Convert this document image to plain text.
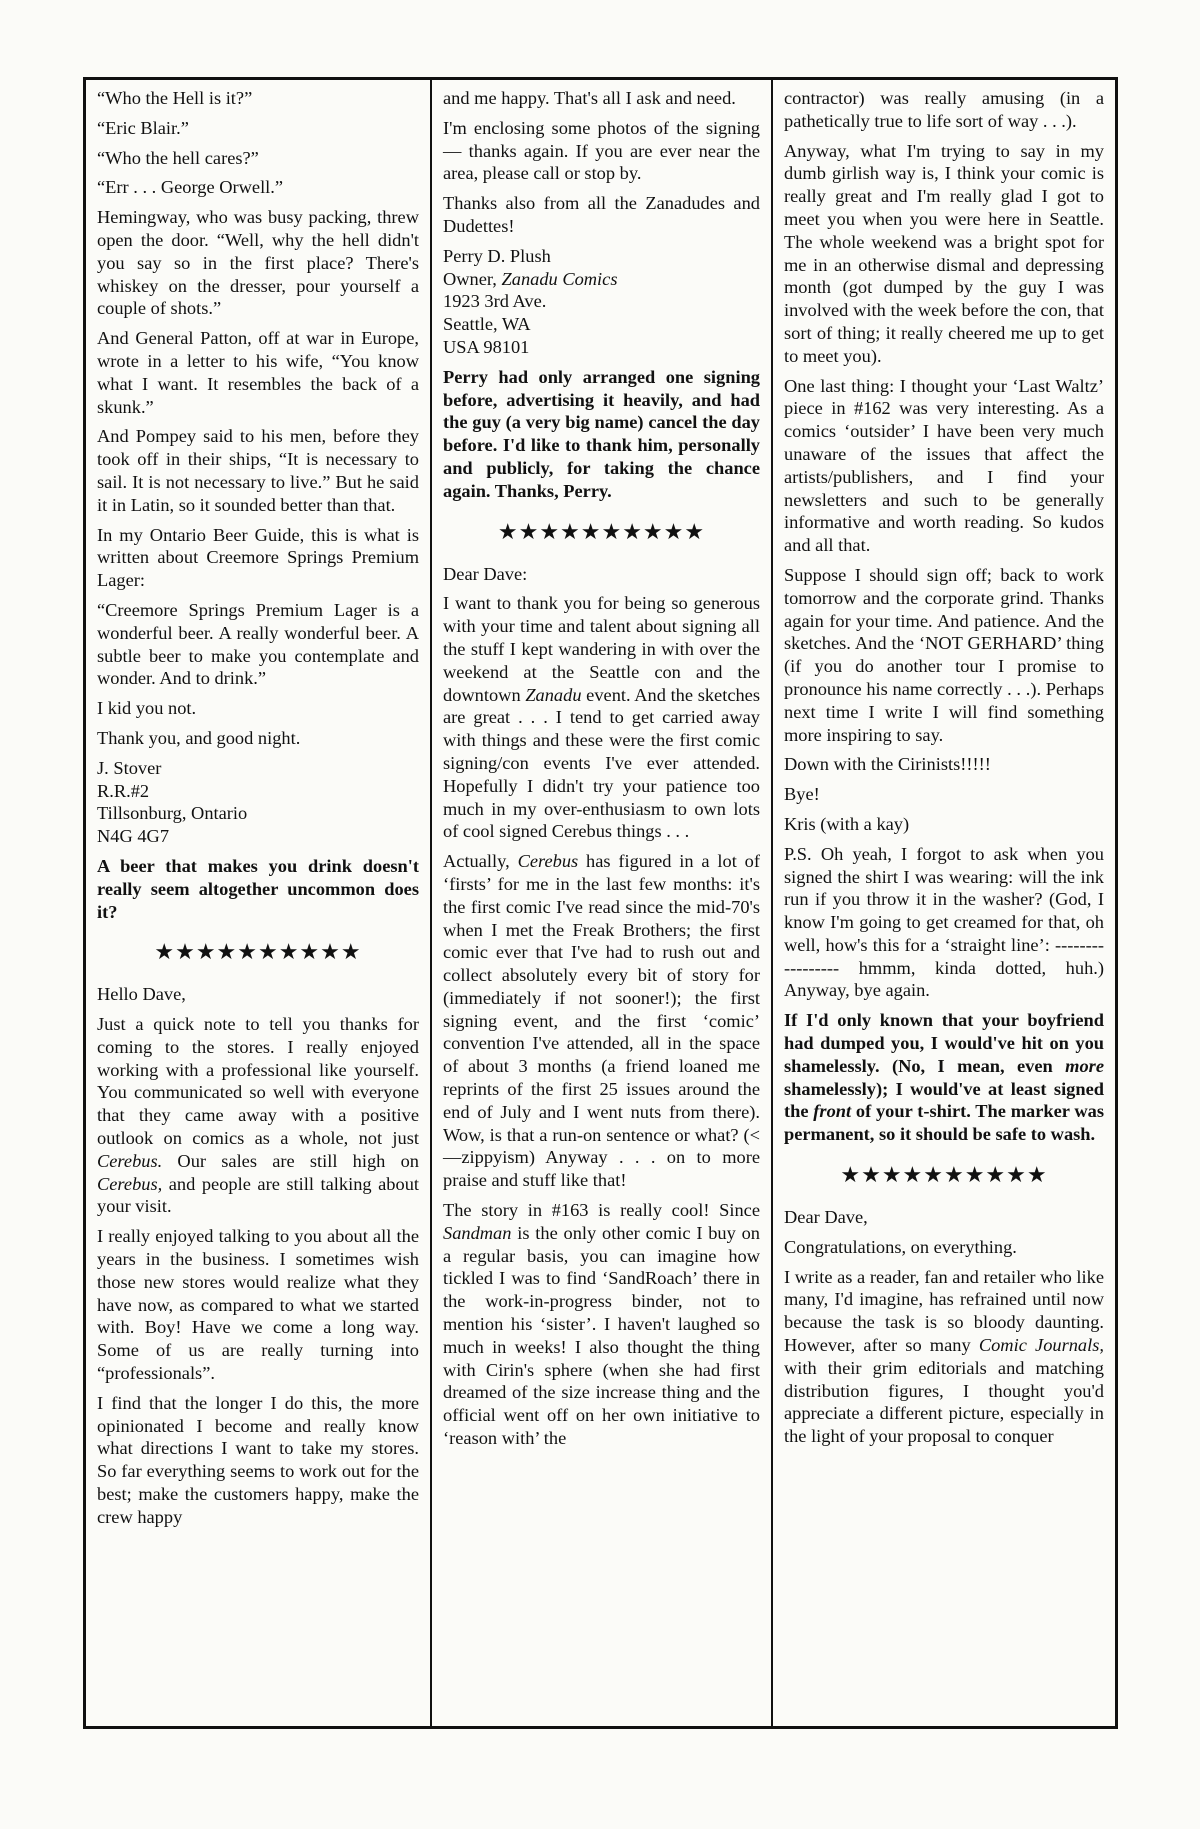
“Who the Hell is it?”

“Eric Blair.”

“Who the hell cares?”

“Err . . . George Orwell.”

Hemingway, who was busy packing, threw open the door. “Well, why the hell didn't you say so in the first place? There's whiskey on the dresser, pour yourself a couple of shots.”

And General Patton, off at war in Europe, wrote in a letter to his wife, “You know what I want. It resembles the back of a skunk.”

And Pompey said to his men, before they took off in their ships, “It is necessary to sail. It is not necessary to live.” But he said it in Latin, so it sounded better than that.

In my Ontario Beer Guide, this is what is written about Creemore Springs Premium Lager:

“Creemore Springs Premium Lager is a wonderful beer. A really wonderful beer. A subtle beer to make you contemplate and wonder. And to drink.”

I kid you not.

Thank you, and good night.

J. Stover
R.R.#2
Tillsonburg, Ontario
N4G 4G7

A beer that makes you drink doesn't really seem altogether uncommon does it?

★★★★★★★★★★

Hello Dave,

Just a quick note to tell you thanks for coming to the stores. I really enjoyed working with a professional like yourself. You communicated so well with everyone that they came away with a positive outlook on comics as a whole, not just Cerebus. Our sales are still high on Cerebus, and people are still talking about your visit.

I really enjoyed talking to you about all the years in the business. I sometimes wish those new stores would realize what they have now, as compared to what we started with. Boy! Have we come a long way. Some of us are really turning into “professionals”.

I find that the longer I do this, the more opinionated I become and really know what directions I want to take my stores. So far everything seems to work out for the best; make the customers happy, make the crew happy

and me happy. That's all I ask and need.

I'm enclosing some photos of the signing — thanks again. If you are ever near the area, please call or stop by.

Thanks also from all the Zanadudes and Dudettes!

Perry D. Plush
Owner, Zanadu Comics
1923 3rd Ave.
Seattle, WA
USA 98101

Perry had only arranged one signing before, advertising it heavily, and had the guy (a very big name) cancel the day before. I'd like to thank him, personally and publicly, for taking the chance again. Thanks, Perry.

★★★★★★★★★★

Dear Dave:

I want to thank you for being so generous with your time and talent about signing all the stuff I kept wandering in with over the weekend at the Seattle con and the downtown Zanadu event. And the sketches are great . . . I tend to get carried away with things and these were the first comic signing/con events I've ever attended. Hopefully I didn't try your patience too much in my over-enthusiasm to own lots of cool signed Cerebus things . . .

Actually, Cerebus has figured in a lot of ‘firsts’ for me in the last few months: it's the first comic I've read since the mid-70's when I met the Freak Brothers; the first comic ever that I've had to rush out and collect absolutely every bit of story for (immediately if not sooner!); the first signing event, and the first ‘comic’ convention I've attended, all in the space of about 3 months (a friend loaned me reprints of the first 25 issues around the end of July and I went nuts from there). Wow, is that a run-on sentence or what? (<—zippyism) Anyway . . . on to more praise and stuff like that!

The story in #163 is really cool! Since Sandman is the only other comic I buy on a regular basis, you can imagine how tickled I was to find ‘SandRoach’ there in the work-in-progress binder, not to mention his ‘sister’. I haven't laughed so much in weeks! I also thought the thing with Cirin's sphere (when she had first dreamed of the size increase thing and the official went off on her own initiative to ‘reason with’ the

contractor) was really amusing (in a pathetically true to life sort of way . . .).

Anyway, what I'm trying to say in my dumb girlish way is, I think your comic is really great and I'm really glad I got to meet you when you were here in Seattle. The whole weekend was a bright spot for me in an otherwise dismal and depressing month (got dumped by the guy I was involved with the week before the con, that sort of thing; it really cheered me up to get to meet you).

One last thing: I thought your ‘Last Waltz’ piece in #162 was very interesting. As a comics ‘outsider’ I have been very much unaware of the issues that affect the artists/publishers, and I find your newsletters and such to be generally informative and worth reading. So kudos and all that.

Suppose I should sign off; back to work tomorrow and the corporate grind. Thanks again for your time. And patience. And the sketches. And the ‘NOT GERHARD’ thing (if you do another tour I promise to pronounce his name correctly . . .). Perhaps next time I write I will find something more inspiring to say.

Down with the Cirinists!!!!!

Bye!

Kris (with a kay)

P.S. Oh yeah, I forgot to ask when you signed the shirt I was wearing: will the ink run if you throw it in the washer? (God, I know I'm going to get creamed for that, oh well, how's this for a ‘straight line’: ----------------- hmmm, kinda dotted, huh.) Anyway, bye again.

If I'd only known that your boyfriend had dumped you, I would've hit on you shamelessly. (No, I mean, even more shamelessly); I would've at least signed the front of your t-shirt. The marker was permanent, so it should be safe to wash.

★★★★★★★★★★

Dear Dave,

Congratulations, on everything.

I write as a reader, fan and retailer who like many, I'd imagine, has refrained until now because the task is so bloody daunting. However, after so many Comic Journals, with their grim editorials and matching distribution figures, I thought you'd appreciate a different picture, especially in the light of your proposal to conquer
